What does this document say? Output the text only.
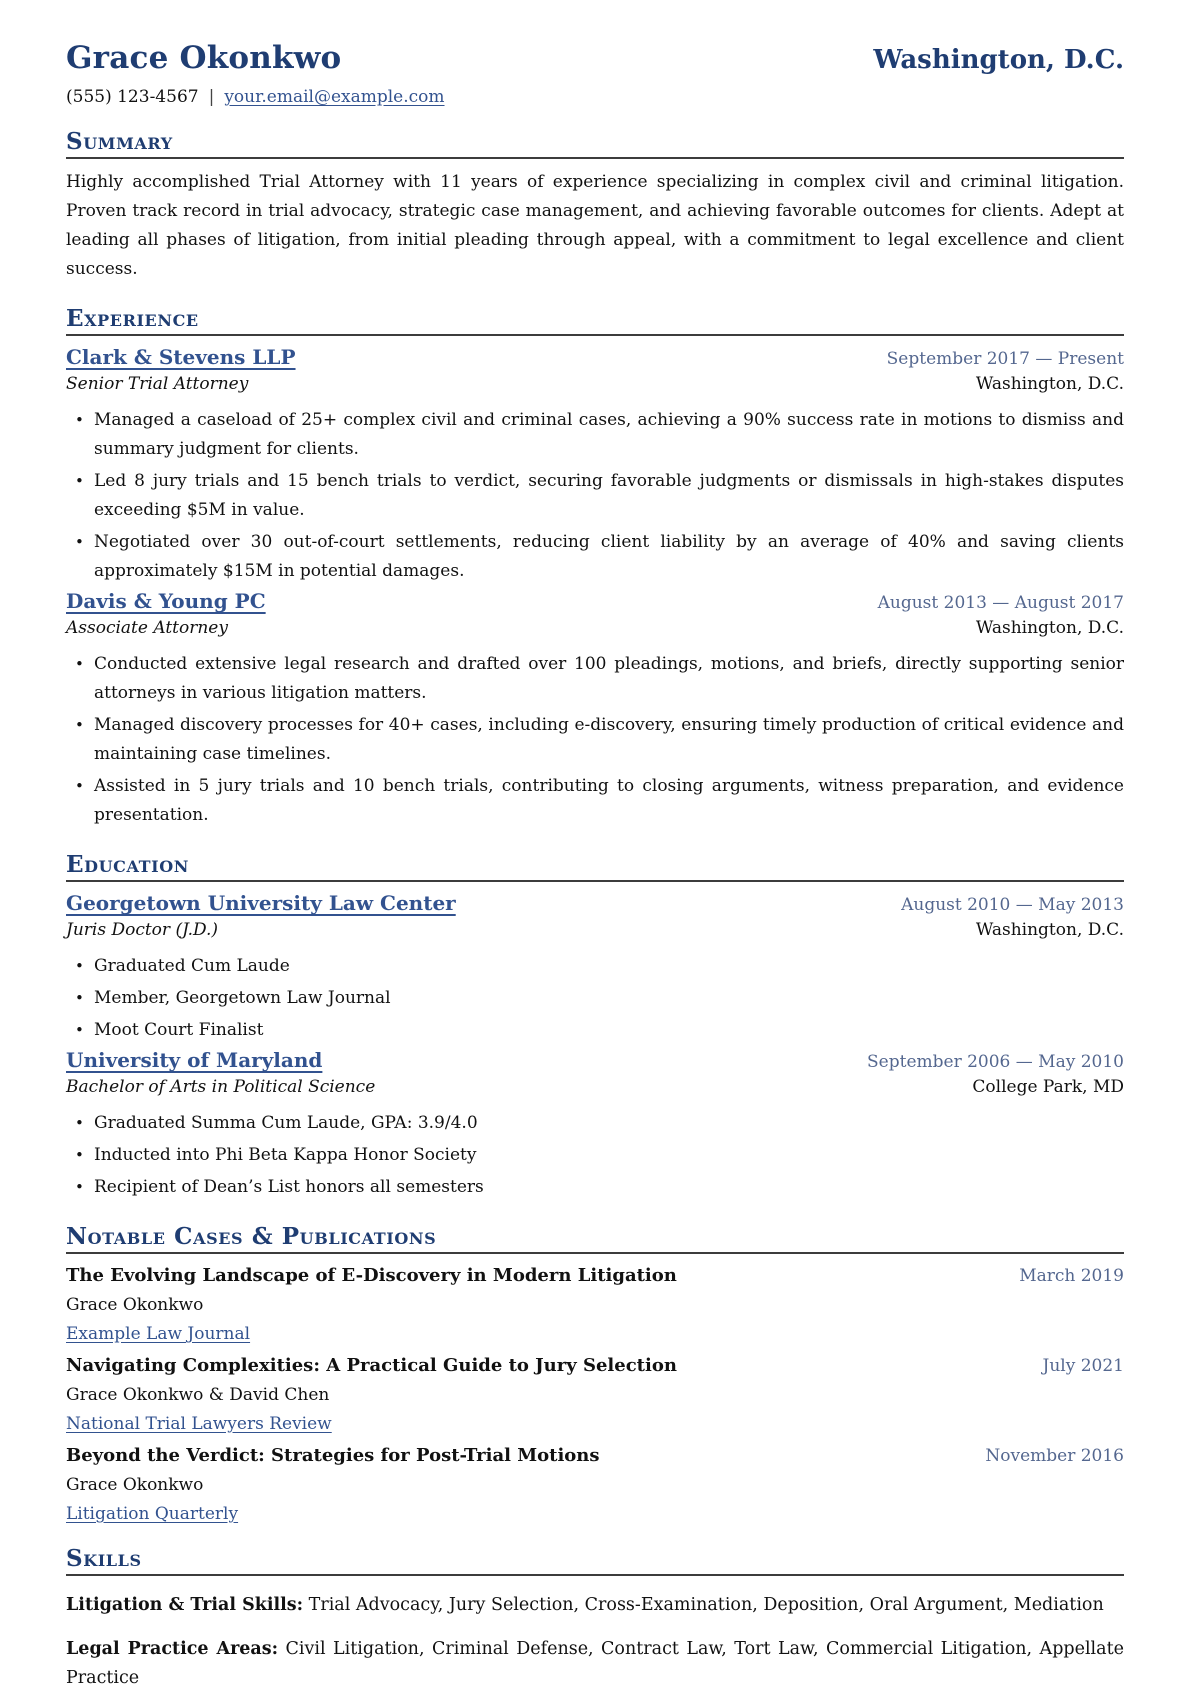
Grace Okonkwo	Washington, D.C.
(555) 123-4567 | your.email@example.com
Summary

Highly accomplished Trial Attorney with 11 years of experience specializing in complex civil and criminal litigation. Proven track record in trial advocacy, strategic case management, and achieving favorable outcomes for clients. Adept at leading all phases of litigation, from initial pleading through appeal, with a commitment to legal excellence and client success.

Experience
Clark & Stevens LLP	September 2017 — Present
Senior Trial Attorney	Washington, D.C.
• Managed a caseload of 25+ complex civil and criminal cases, achieving a 90% success rate in motions to dismiss and summary judgment for clients.
• Led 8 jury trials and 15 bench trials to verdict, securing favorable judgments or dismissals in high-stakes disputes exceeding $5M in value.
• Negotiated over 30 out-of-court settlements, reducing client liability by an average of 40% and saving clients approximately $15M in potential damages.
Davis & Young PC	August 2013 — August 2017
Associate Attorney	Washington, D.C.
• Conducted extensive legal research and drafted over 100 pleadings, motions, and briefs, directly supporting senior attorneys in various litigation matters.
• Managed discovery processes for 40+ cases, including e-discovery, ensuring timely production of critical evidence and maintaining case timelines.
• Assisted in 5 jury trials and 10 bench trials, contributing to closing arguments, witness preparation, and evidence presentation.
Education
Georgetown University Law Center	August 2010 — May 2013
Juris Doctor (J.D.)	Washington, D.C.
• Graduated Cum Laude
• Member, Georgetown Law Journal
• Moot Court Finalist
University of Maryland	September 2006 — May 2010
Bachelor of Arts in Political Science	College Park, MD
• Graduated Summa Cum Laude, GPA: 3.9/4.0
• Inducted into Phi Beta Kappa Honor Society
• Recipient of Dean’s List honors all semesters
Notable Cases & Publications
The Evolving Landscape of E-Discovery in Modern Litigation	March 2019
Grace Okonkwo
Example Law Journal
Navigating Complexities: A Practical Guide to Jury Selection	July 2021
Grace Okonkwo & David Chen
National Trial Lawyers Review
Beyond the Verdict: Strategies for Post-Trial Motions	November 2016
Grace Okonkwo
Litigation Quarterly
Skills
Litigation & Trial Skills: Trial Advocacy, Jury Selection, Cross-Examination, Deposition, Oral Argument, Mediation
Legal Practice Areas: Civil Litigation, Criminal Defense, Contract Law, Tort Law, Commercial Litigation, Appellate Practice
